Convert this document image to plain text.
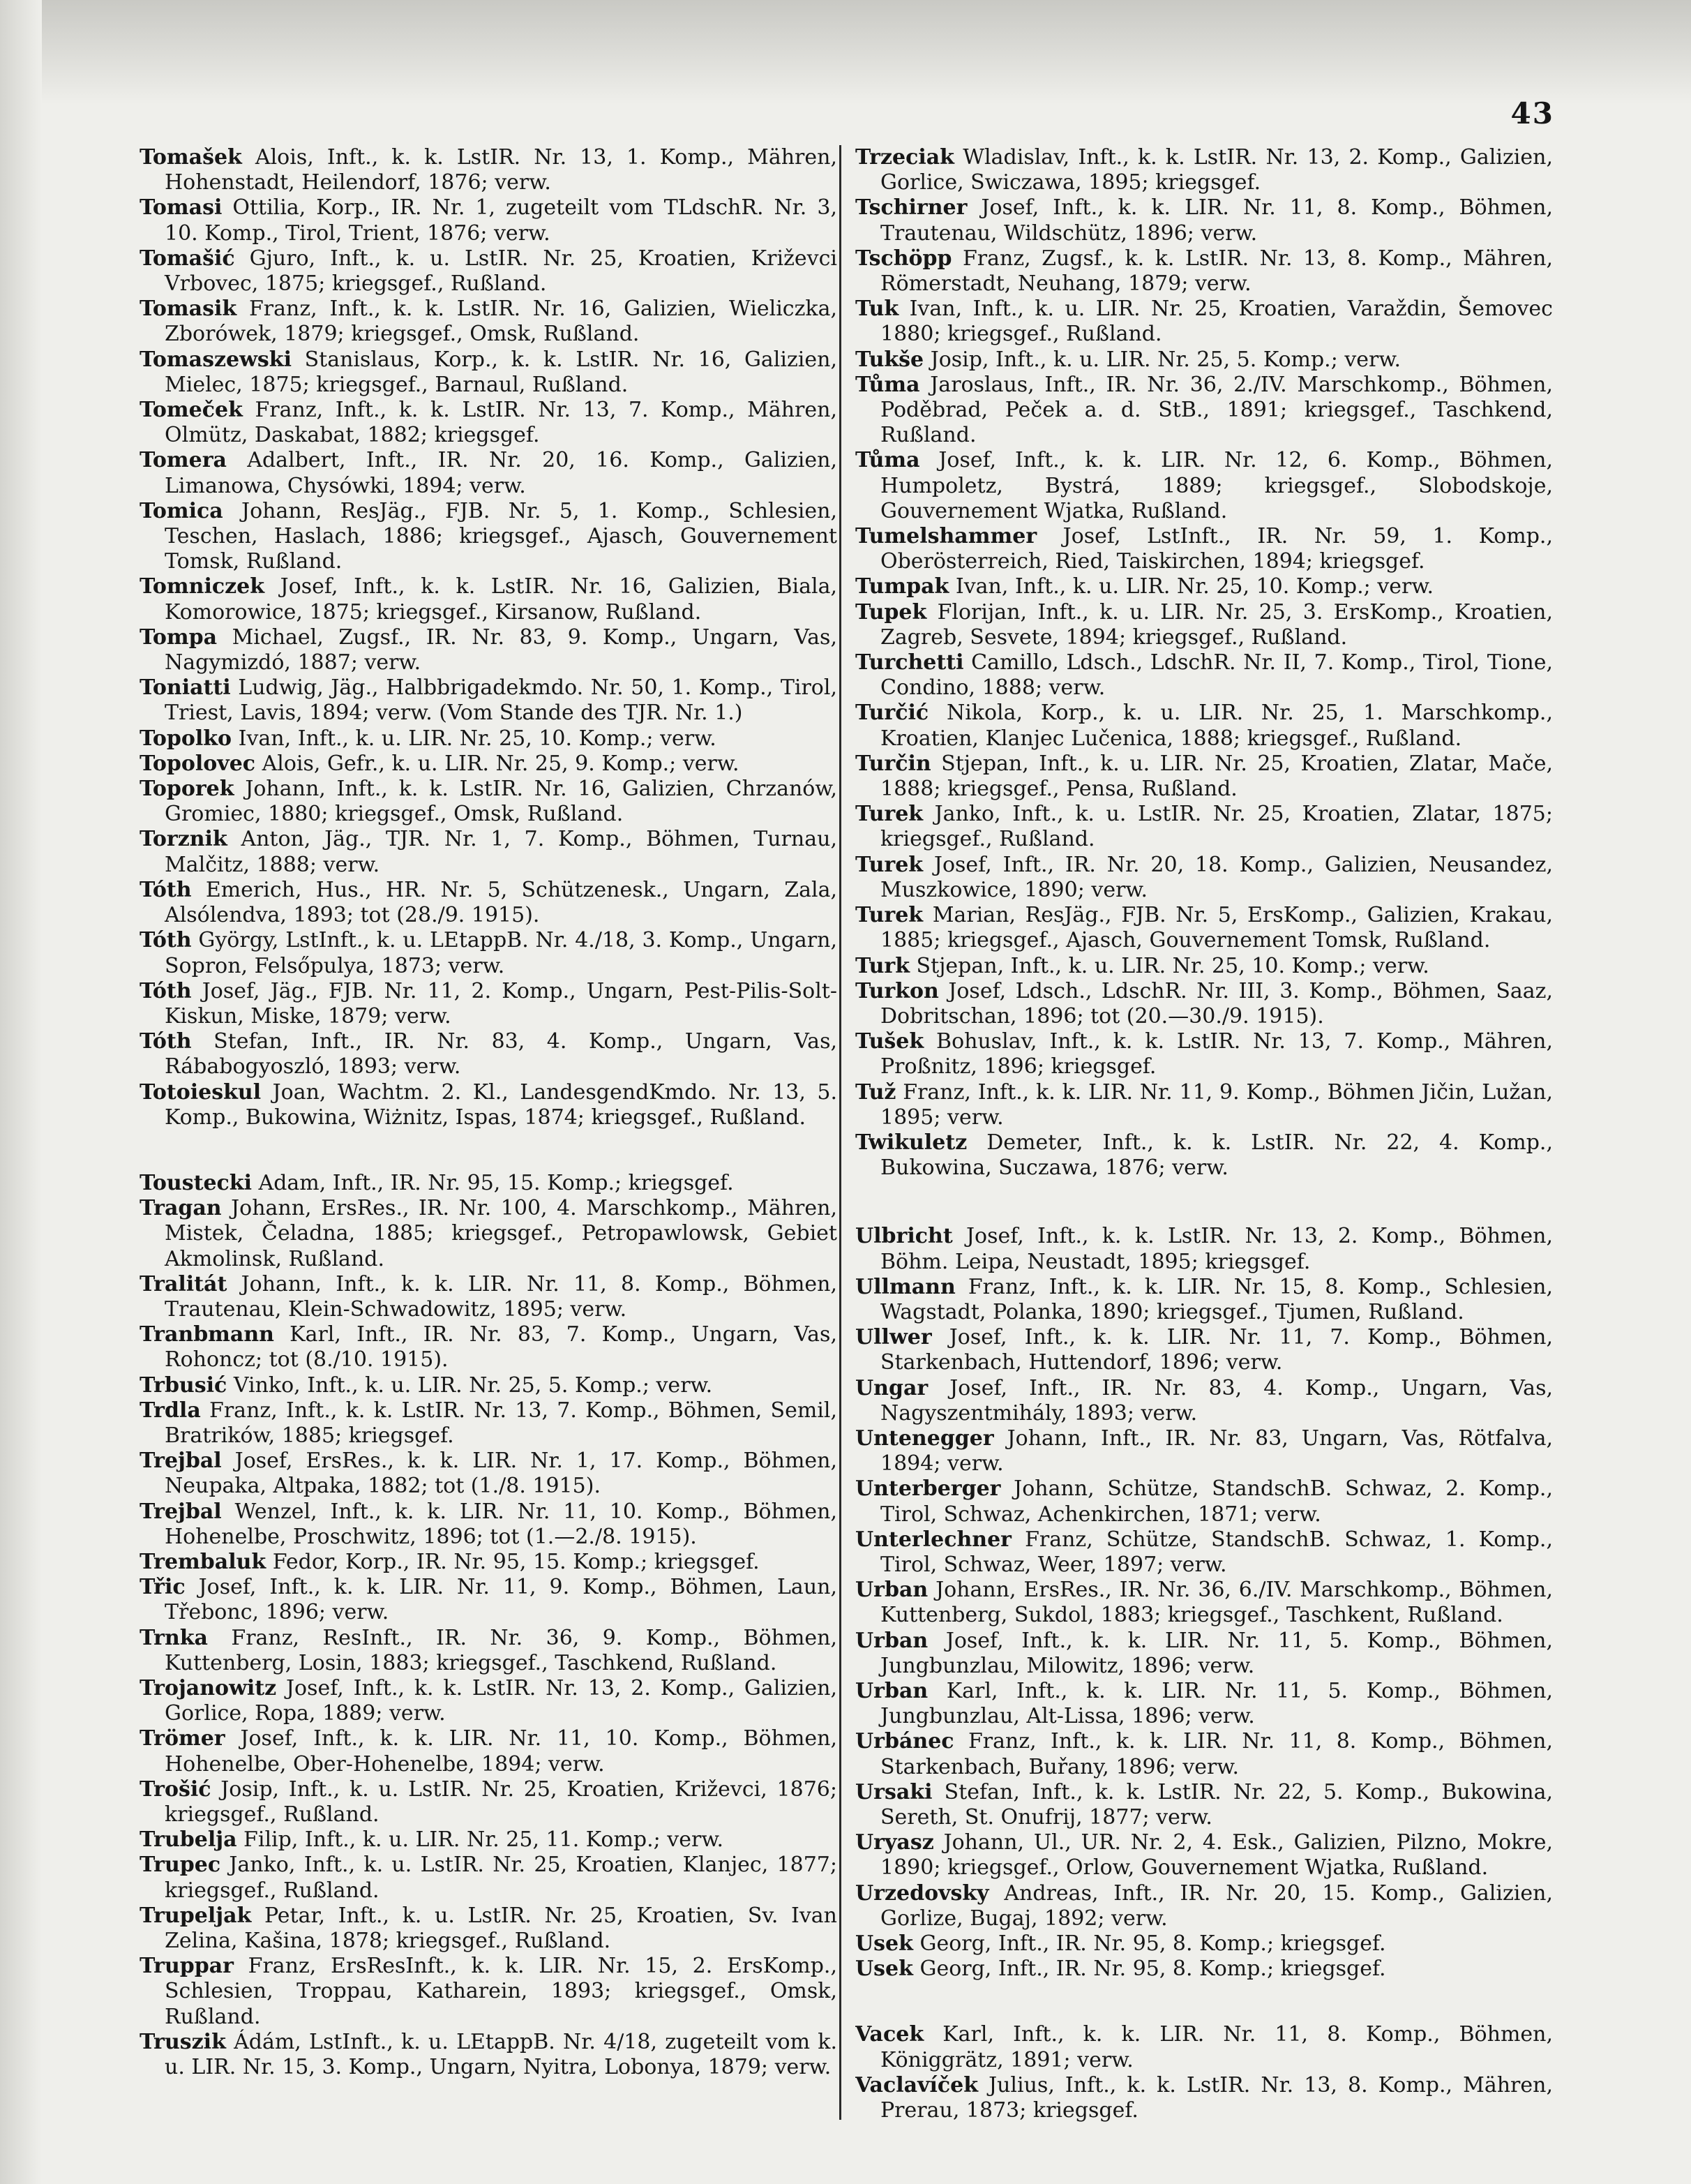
43

Tomašek Alois, Inft., k. k. LstIR. Nr. 13, 1. Komp., Mähren, Hohenstadt, Heilendorf, 1876; verw.

Tomasi Ottilia, Korp., IR. Nr. 1, zugeteilt vom TLdschR. Nr. 3, 10. Komp., Tirol, Trient, 1876; verw.

Tomašić Gjuro, Inft., k. u. LstIR. Nr. 25, Kroatien, Križevci Vrbovec, 1875; kriegsgef., Rußland.

Tomasik Franz, Inft., k. k. LstIR. Nr. 16, Galizien, Wieliczka, Zborówek, 1879; kriegsgef., Omsk, Rußland.

Tomaszewski Stanislaus, Korp., k. k. LstIR. Nr. 16, Galizien, Mielec, 1875; kriegsgef., Barnaul, Rußland.

Tomeček Franz, Inft., k. k. LstIR. Nr. 13, 7. Komp., Mähren, Olmütz, Daskabat, 1882; kriegsgef.

Tomera Adalbert, Inft., IR. Nr. 20, 16. Komp., Galizien, Limanowa, Chysówki, 1894; verw.

Tomica Johann, ResJäg., FJB. Nr. 5, 1. Komp., Schlesien, Teschen, Haslach, 1886; kriegsgef., Ajasch, Gouvernement Tomsk, Rußland.

Tomniczek Josef, Inft., k. k. LstIR. Nr. 16, Galizien, Biala, Komorowice, 1875; kriegsgef., Kirsanow, Rußland.

Tompa Michael, Zugsf., IR. Nr. 83, 9. Komp., Ungarn, Vas, Nagymizdó, 1887; verw.

Toniatti Ludwig, Jäg., Halbbrigadekmdo. Nr. 50, 1. Komp., Tirol, Triest, Lavis, 1894; verw. (Vom Stande des TJR. Nr. 1.)

Topolko Ivan, Inft., k. u. LIR. Nr. 25, 10. Komp.; verw.

Topolovec Alois, Gefr., k. u. LIR. Nr. 25, 9. Komp.; verw.

Toporek Johann, Inft., k. k. LstIR. Nr. 16, Galizien, Chrzanów, Gromiec, 1880; kriegsgef., Omsk, Rußland.

Torznik Anton, Jäg., TJR. Nr. 1, 7. Komp., Böhmen, Turnau, Malčitz, 1888; verw.

Tóth Emerich, Hus., HR. Nr. 5, Schützenesk., Ungarn, Zala, Alsólendva, 1893; tot (28./9. 1915).

Tóth György, LstInft., k. u. LEtappB. Nr. 4./18, 3. Komp., Ungarn, Sopron, Felsőpulya, 1873; verw.

Tóth Josef, Jäg., FJB. Nr. 11, 2. Komp., Ungarn, Pest-Pilis-Solt-Kiskun, Miske, 1879; verw.

Tóth Stefan, Inft., IR. Nr. 83, 4. Komp., Ungarn, Vas, Rábabogyoszló, 1893; verw.

Totoieskul Joan, Wachtm. 2. Kl., LandesgendKmdo. Nr. 13, 5. Komp., Bukowina, Wiżnitz, Ispas, 1874; kriegsgef., Rußland.

Toustecki Adam, Inft., IR. Nr. 95, 15. Komp.; kriegsgef.

Tragan Johann, ErsRes., IR. Nr. 100, 4. Marschkomp., Mähren, Mistek, Čeladna, 1885; kriegsgef., Petropawlowsk, Gebiet Akmolinsk, Rußland.

Tralitát Johann, Inft., k. k. LIR. Nr. 11, 8. Komp., Böhmen, Trautenau, Klein-Schwadowitz, 1895; verw.

Tranbmann Karl, Inft., IR. Nr. 83, 7. Komp., Ungarn, Vas, Rohoncz; tot (8./10. 1915).

Trbusić Vinko, Inft., k. u. LIR. Nr. 25, 5. Komp.; verw.

Trdla Franz, Inft., k. k. LstIR. Nr. 13, 7. Komp., Böhmen, Semil, Bratrików, 1885; kriegsgef.

Trejbal Josef, ErsRes., k. k. LIR. Nr. 1, 17. Komp., Böhmen, Neupaka, Altpaka, 1882; tot (1./8. 1915).

Trejbal Wenzel, Inft., k. k. LIR. Nr. 11, 10. Komp., Böhmen, Hohenelbe, Proschwitz, 1896; tot (1.—2./8. 1915).

Trembaluk Fedor, Korp., IR. Nr. 95, 15. Komp.; kriegsgef.

Třic Josef, Inft., k. k. LIR. Nr. 11, 9. Komp., Böhmen, Laun, Třebonc, 1896; verw.

Trnka Franz, ResInft., IR. Nr. 36, 9. Komp., Böhmen, Kuttenberg, Losin, 1883; kriegsgef., Taschkend, Rußland.

Trojanowitz Josef, Inft., k. k. LstIR. Nr. 13, 2. Komp., Galizien, Gorlice, Ropa, 1889; verw.

Trömer Josef, Inft., k. k. LIR. Nr. 11, 10. Komp., Böhmen, Hohenelbe, Ober-Hohenelbe, 1894; verw.

Trošić Josip, Inft., k. u. LstIR. Nr. 25, Kroatien, Križevci, 1876; kriegsgef., Rußland.

Trubelja Filip, Inft., k. u. LIR. Nr. 25, 11. Komp.; verw.

Trupec Janko, Inft., k. u. LstIR. Nr. 25, Kroatien, Klanjec, 1877; kriegsgef., Rußland.

Trupeljak Petar, Inft., k. u. LstIR. Nr. 25, Kroatien, Sv. Ivan Zelina, Kašina, 1878; kriegsgef., Rußland.

Truppar Franz, ErsResInft., k. k. LIR. Nr. 15, 2. ErsKomp., Schlesien, Troppau, Katharein, 1893; kriegsgef., Omsk, Rußland.

Truszik Ádám, LstInft., k. u. LEtappB. Nr. 4/18, zugeteilt vom k. u. LIR. Nr. 15, 3. Komp., Ungarn, Nyitra, Lobonya, 1879; verw.

Trzeciak Wladislav, Inft., k. k. LstIR. Nr. 13, 2. Komp., Galizien, Gorlice, Swiczawa, 1895; kriegsgef.

Tschirner Josef, Inft., k. k. LIR. Nr. 11, 8. Komp., Böhmen, Trautenau, Wildschütz, 1896; verw.

Tschöpp Franz, Zugsf., k. k. LstIR. Nr. 13, 8. Komp., Mähren, Römerstadt, Neuhang, 1879; verw.

Tuk Ivan, Inft., k. u. LIR. Nr. 25, Kroatien, Varaždin, Šemovec 1880; kriegsgef., Rußland.

Tukše Josip, Inft., k. u. LIR. Nr. 25, 5. Komp.; verw.

Tůma Jaroslaus, Inft., IR. Nr. 36, 2./IV. Marschkomp., Böhmen, Poděbrad, Peček a. d. StB., 1891; kriegsgef., Taschkend, Rußland.

Tůma Josef, Inft., k. k. LIR. Nr. 12, 6. Komp., Böhmen, Humpoletz, Bystrá, 1889; kriegsgef., Slobodskoje, Gouvernement Wjatka, Rußland.

Tumelshammer Josef, LstInft., IR. Nr. 59, 1. Komp., Oberösterreich, Ried, Taiskirchen, 1894; kriegsgef.

Tumpak Ivan, Inft., k. u. LIR. Nr. 25, 10. Komp.; verw.

Tupek Florijan, Inft., k. u. LIR. Nr. 25, 3. ErsKomp., Kroatien, Zagreb, Sesvete, 1894; kriegsgef., Rußland.

Turchetti Camillo, Ldsch., LdschR. Nr. II, 7. Komp., Tirol, Tione, Condino, 1888; verw.

Turčić Nikola, Korp., k. u. LIR. Nr. 25, 1. Marschkomp., Kroatien, Klanjec Lučenica, 1888; kriegsgef., Rußland.

Turčin Stjepan, Inft., k. u. LIR. Nr. 25, Kroatien, Zlatar, Mače, 1888; kriegsgef., Pensa, Rußland.

Turek Janko, Inft., k. u. LstIR. Nr. 25, Kroatien, Zlatar, 1875; kriegsgef., Rußland.

Turek Josef, Inft., IR. Nr. 20, 18. Komp., Galizien, Neusandez, Muszkowice, 1890; verw.

Turek Marian, ResJäg., FJB. Nr. 5, ErsKomp., Galizien, Krakau, 1885; kriegsgef., Ajasch, Gouvernement Tomsk, Rußland.

Turk Stjepan, Inft., k. u. LIR. Nr. 25, 10. Komp.; verw.

Turkon Josef, Ldsch., LdschR. Nr. III, 3. Komp., Böhmen, Saaz, Dobritschan, 1896; tot (20.—30./9. 1915).

Tušek Bohuslav, Inft., k. k. LstIR. Nr. 13, 7. Komp., Mähren, Proßnitz, 1896; kriegsgef.

Tuž Franz, Inft., k. k. LIR. Nr. 11, 9. Komp., Böhmen Jičin, Lužan, 1895; verw.

Twikuletz Demeter, Inft., k. k. LstIR. Nr. 22, 4. Komp., Bukowina, Suczawa, 1876; verw.

Ulbricht Josef, Inft., k. k. LstIR. Nr. 13, 2. Komp., Böhmen, Böhm. Leipa, Neustadt, 1895; kriegsgef.

Ullmann Franz, Inft., k. k. LIR. Nr. 15, 8. Komp., Schlesien, Wagstadt, Polanka, 1890; kriegsgef., Tjumen, Rußland.

Ullwer Josef, Inft., k. k. LIR. Nr. 11, 7. Komp., Böhmen, Starkenbach, Huttendorf, 1896; verw.

Ungar Josef, Inft., IR. Nr. 83, 4. Komp., Ungarn, Vas, Nagyszentmihály, 1893; verw.

Untenegger Johann, Inft., IR. Nr. 83, Ungarn, Vas, Rötfalva, 1894; verw.

Unterberger Johann, Schütze, StandschB. Schwaz, 2. Komp., Tirol, Schwaz, Achenkirchen, 1871; verw.

Unterlechner Franz, Schütze, StandschB. Schwaz, 1. Komp., Tirol, Schwaz, Weer, 1897; verw.

Urban Johann, ErsRes., IR. Nr. 36, 6./IV. Marschkomp., Böhmen, Kuttenberg, Sukdol, 1883; kriegsgef., Taschkent, Rußland.

Urban Josef, Inft., k. k. LIR. Nr. 11, 5. Komp., Böhmen, Jungbunzlau, Milowitz, 1896; verw.

Urban Karl, Inft., k. k. LIR. Nr. 11, 5. Komp., Böhmen, Jungbunzlau, Alt-Lissa, 1896; verw.

Urbánec Franz, Inft., k. k. LIR. Nr. 11, 8. Komp., Böhmen, Starkenbach, Buřany, 1896; verw.

Ursaki Stefan, Inft., k. k. LstIR. Nr. 22, 5. Komp., Bukowina, Sereth, St. Onufrij, 1877; verw.

Uryasz Johann, Ul., UR. Nr. 2, 4. Esk., Galizien, Pilzno, Mokre, 1890; kriegsgef., Orlow, Gouvernement Wjatka, Rußland.

Urzedovsky Andreas, Inft., IR. Nr. 20, 15. Komp., Galizien, Gorlize, Bugaj, 1892; verw.

Usek Georg, Inft., IR. Nr. 95, 8. Komp.; kriegsgef.

Usek Georg, Inft., IR. Nr. 95, 8. Komp.; kriegsgef.

Vacek Karl, Inft., k. k. LIR. Nr. 11, 8. Komp., Böhmen, Königgrätz, 1891; verw.

Vaclavíček Julius, Inft., k. k. LstIR. Nr. 13, 8. Komp., Mähren, Prerau, 1873; kriegsgef.
